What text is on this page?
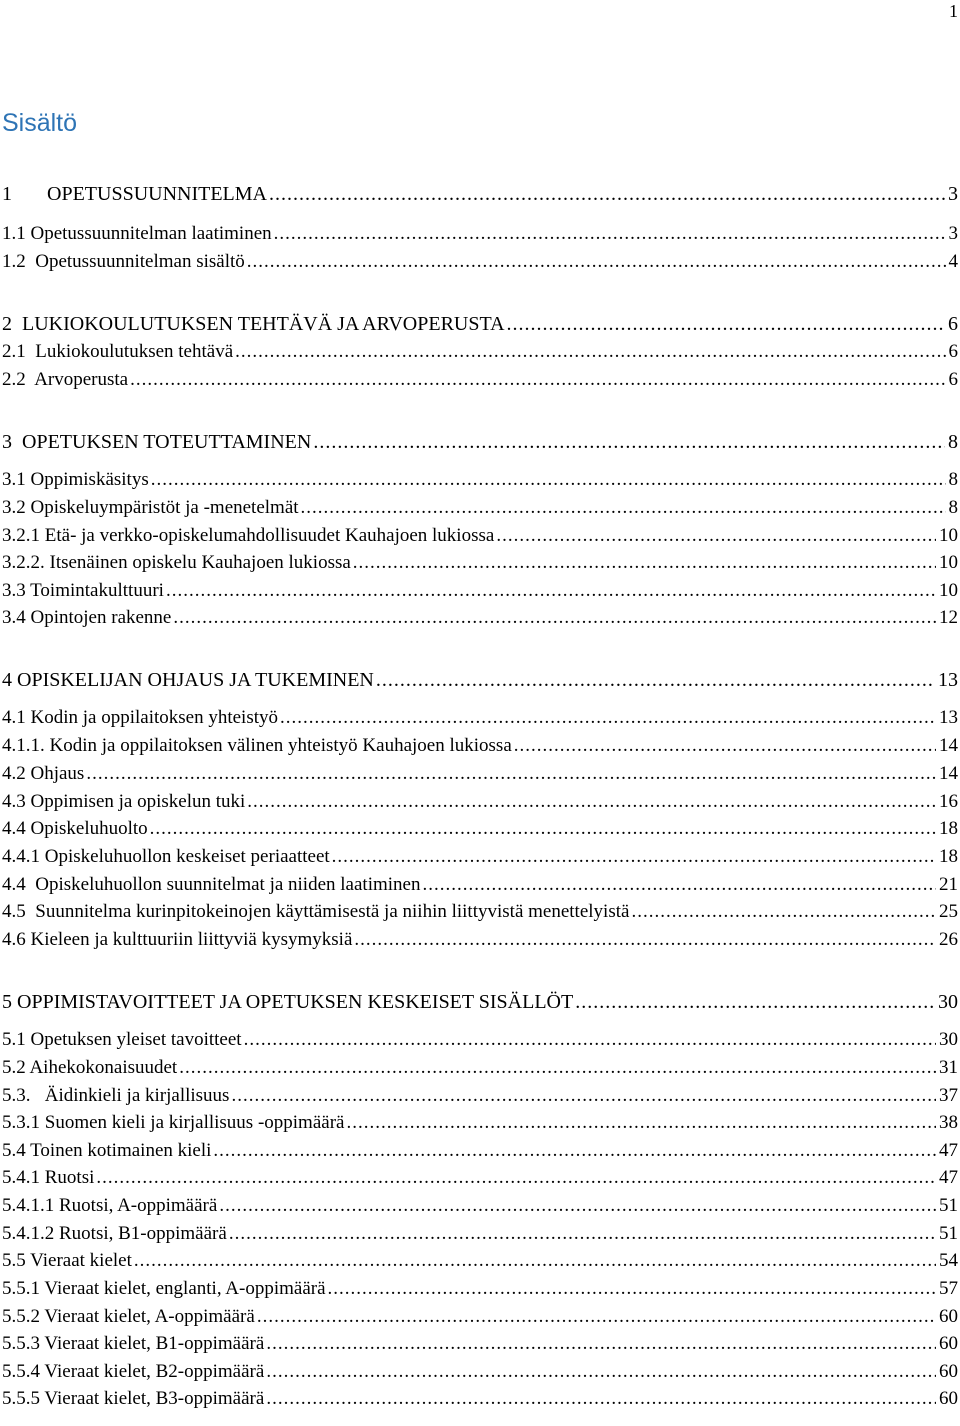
1
Sisältö
1       OPETUSSUUNNITELMA .....	3
1.1 Opetussuunnitelman laatiminen .....	3
1.2  Opetussuunnitelman sisältö .....	4
2  LUKIOKOULUTUKSEN TEHTÄVÄ JA ARVOPERUSTA .....	6
2.1  Lukiokoulutuksen tehtävä .....	6
2.2  Arvoperusta .....	6
3  OPETUKSEN TOTEUTTAMINEN .....	8
3.1 Oppimiskäsitys .....	8
3.2 Opiskeluympäristöt ja -menetelmät .....	8
3.2.1 Etä- ja verkko-opiskelumahdollisuudet Kauhajoen lukiossa .....	10
3.2.2. Itsenäinen opiskelu Kauhajoen lukiossa .....	10
3.3 Toimintakulttuuri .....	10
3.4 Opintojen rakenne .....	12
4 OPISKELIJAN OHJAUS JA TUKEMINEN .....	13
4.1 Kodin ja oppilaitoksen yhteistyö .....	13
4.1.1. Kodin ja oppilaitoksen välinen yhteistyö Kauhajoen lukiossa .....	14
4.2 Ohjaus .....	14
4.3 Oppimisen ja opiskelun tuki .....	16
4.4 Opiskeluhuolto .....	18
4.4.1 Opiskeluhuollon keskeiset periaatteet .....	18
4.4  Opiskeluhuollon suunnitelmat ja niiden laatiminen .....	21
4.5  Suunnitelma kurinpitokeinojen käyttämisestä ja niihin liittyvistä menettelyistä .....	25
4.6 Kieleen ja kulttuuriin liittyviä kysymyksiä .....	26
5 OPPIMISTAVOITTEET JA OPETUKSEN KESKEISET SISÄLLÖT .....	30
5.1 Opetuksen yleiset tavoitteet .....	30
5.2 Aihekokonaisuudet .....	31
5.3.   Äidinkieli ja kirjallisuus .....	37
5.3.1 Suomen kieli ja kirjallisuus -oppimäärä .....	38
5.4 Toinen kotimainen kieli .....	47
5.4.1 Ruotsi .....	47
5.4.1.1 Ruotsi, A-oppimäärä .....	51
5.4.1.2 Ruotsi, B1-oppimäärä .....	51
5.5 Vieraat kielet .....	54
5.5.1 Vieraat kielet, englanti, A-oppimäärä .....	57
5.5.2 Vieraat kielet, A-oppimäärä .....	60
5.5.3 Vieraat kielet, B1-oppimäärä .....	60
5.5.4 Vieraat kielet, B2-oppimäärä .....	60
5.5.5 Vieraat kielet, B3-oppimäärä .....	60
